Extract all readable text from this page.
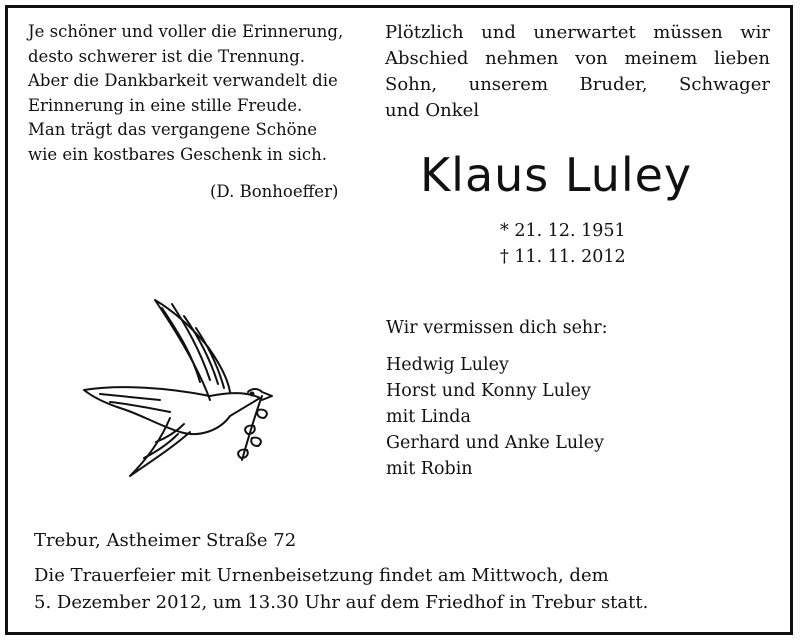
Je schöner und voller die Erinnerung,
desto schwerer ist die Trennung.
Aber die Dankbarkeit verwandelt die
Erinnerung in eine stille Freude.
Man trägt das vergangene Schöne
wie ein kostbares Geschenk in sich.
(D. Bonhoeffer)
Plötzlich und unerwartet müssen wir
Abschied nehmen von meinem lieben
Sohn, unserem Bruder, Schwager
und Onkel
Klaus Luley
* 21. 12. 1951
† 11. 11. 2012
Wir vermissen dich sehr:
Hedwig Luley
Horst und Konny Luley
mit Linda
Gerhard und Anke Luley
mit Robin
Trebur, Astheimer Straße 72
Die Trauerfeier mit Urnenbeisetzung findet am Mittwoch, dem
5. Dezember 2012, um 13.30 Uhr auf dem Friedhof in Trebur statt.
